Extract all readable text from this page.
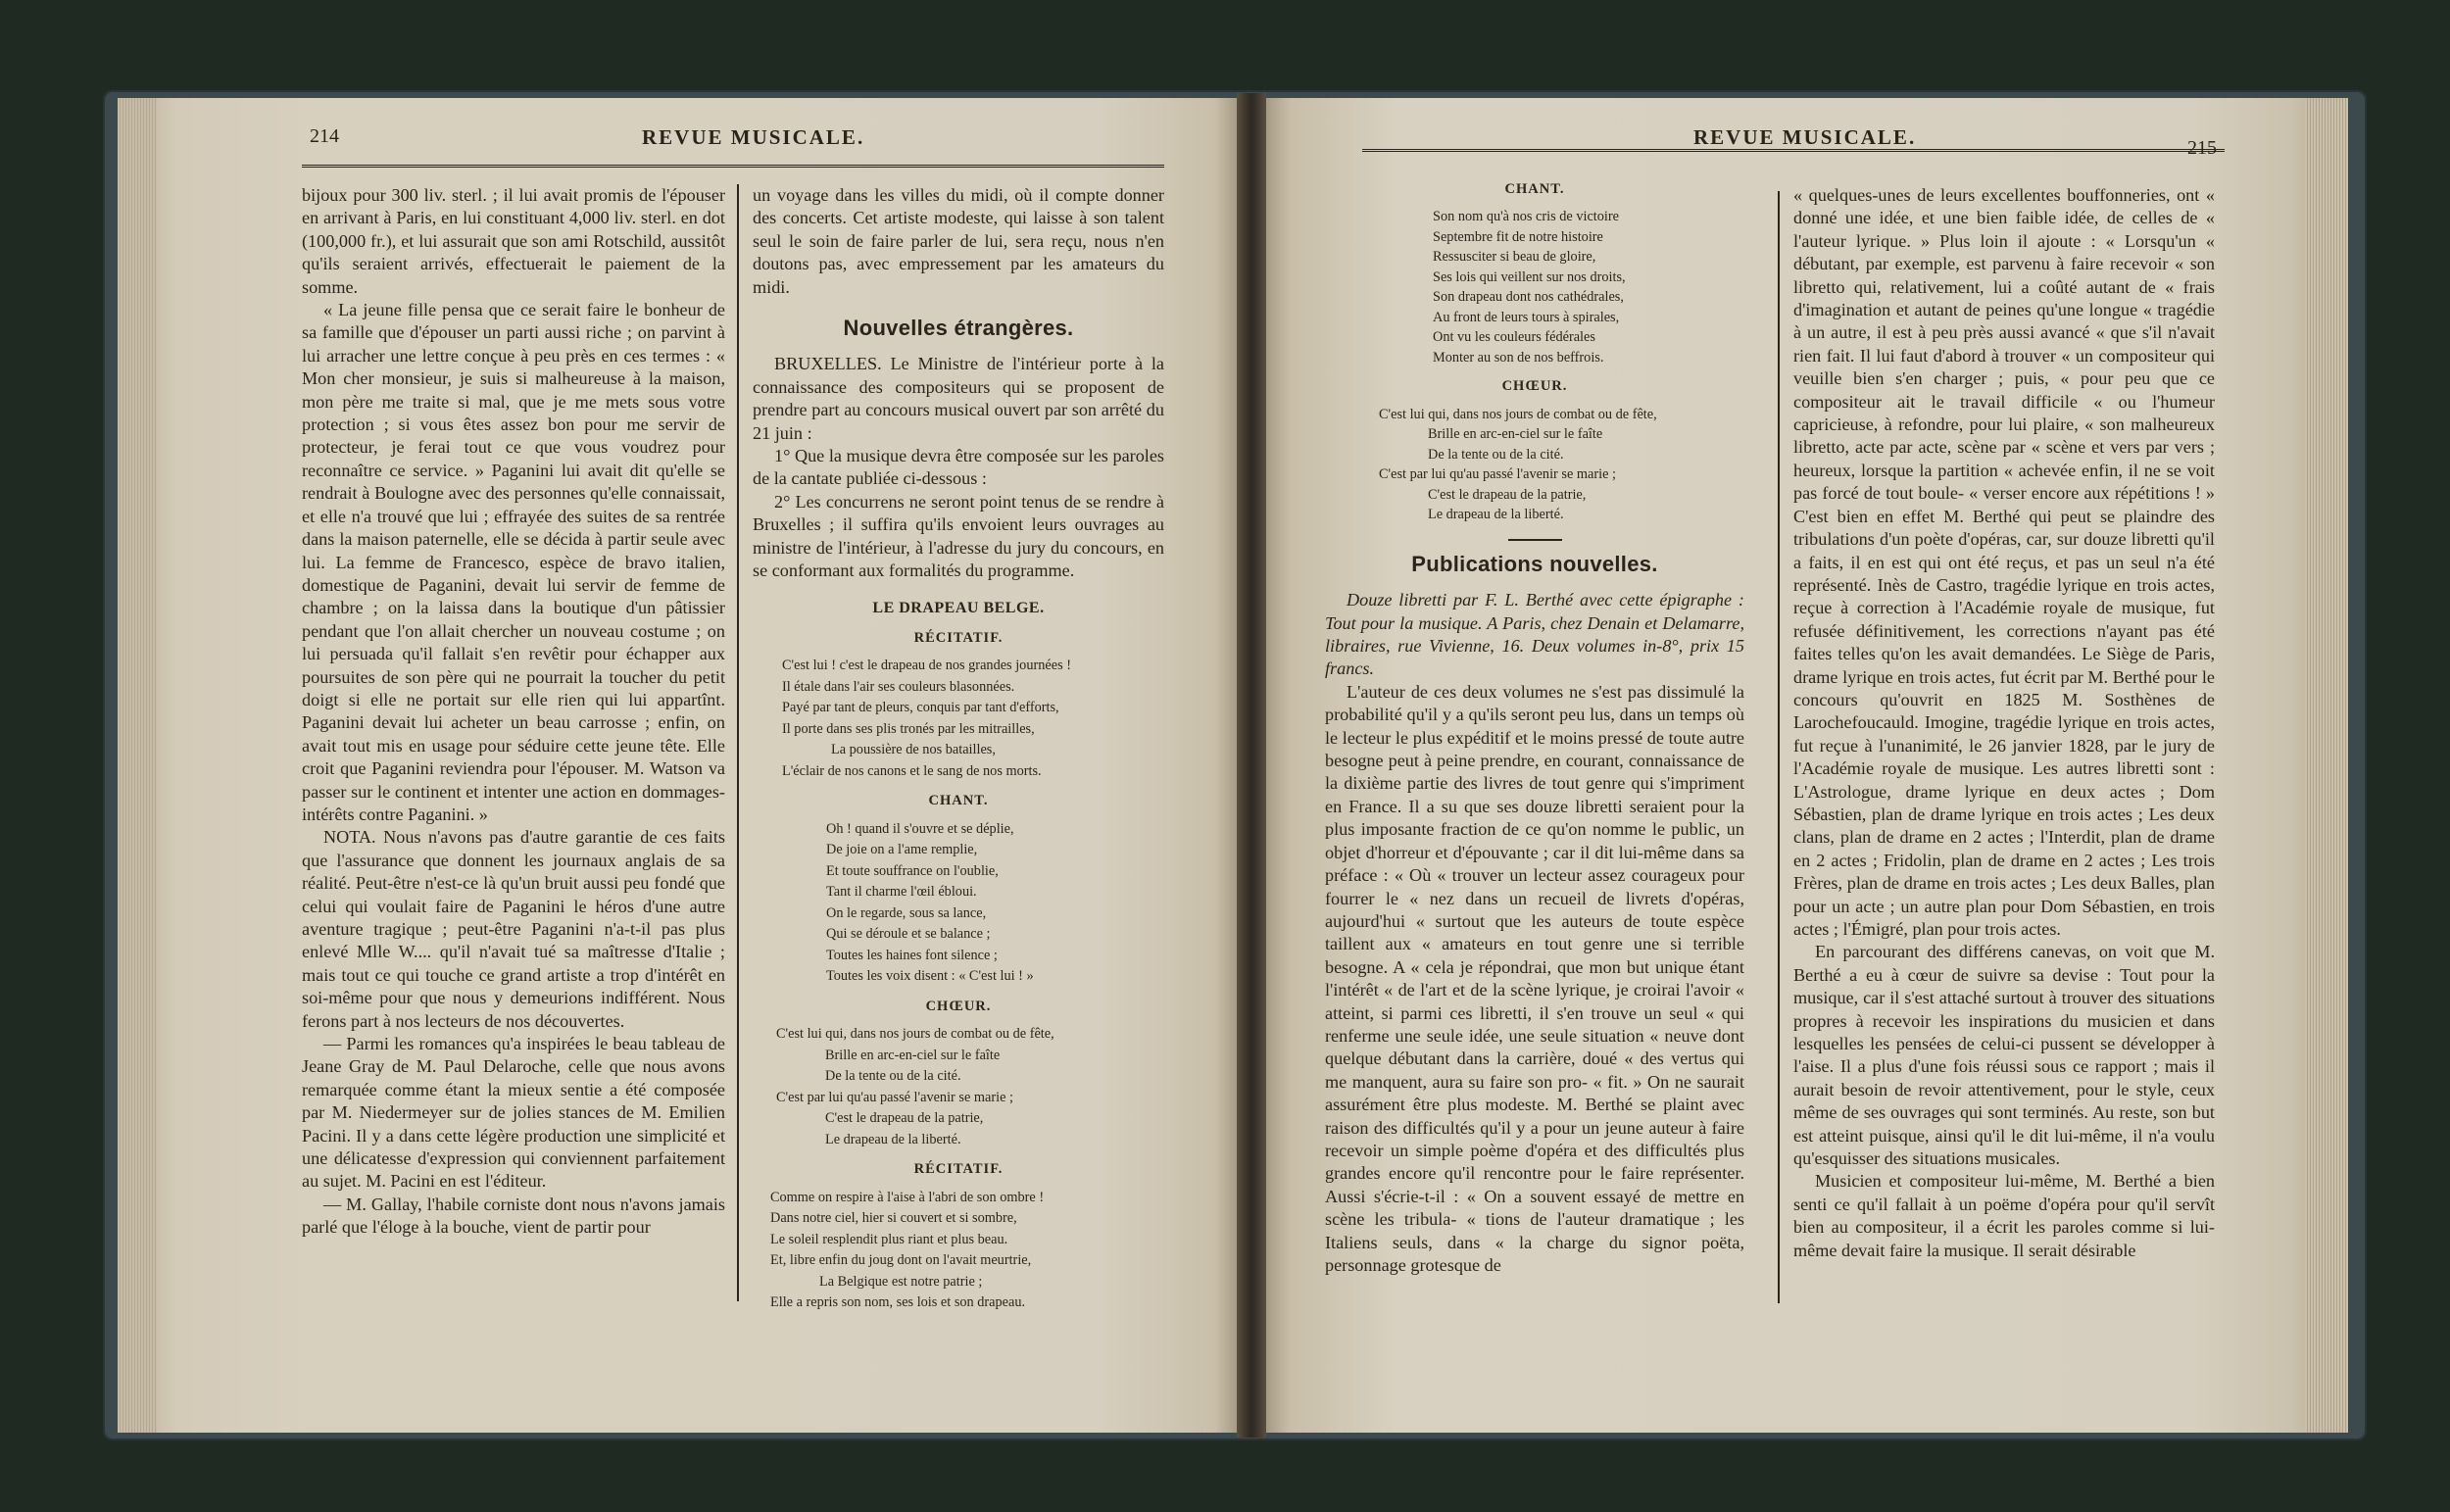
214	REVUE MUSICALE.

bijoux pour 300 liv. sterl. ; il lui avait promis de l'épouser en arrivant à Paris, en lui constituant 4,000 liv. sterl. en dot (100,000 fr.), et lui assurait que son ami Rotschild, aussitôt qu'ils seraient arrivés, effectuerait le paiement de la somme.

« La jeune fille pensa que ce serait faire le bonheur de sa famille que d'épouser un parti aussi riche ; on parvint à lui arracher une lettre conçue à peu près en ces termes : « Mon cher monsieur, je suis si malheureuse à la maison, mon père me traite si mal, que je me mets sous votre protection ; si vous êtes assez bon pour me servir de protecteur, je ferai tout ce que vous voudrez pour reconnaître ce service. » Paganini lui avait dit qu'elle se rendrait à Boulogne avec des personnes qu'elle connaissait, et elle n'a trouvé que lui ; effrayée des suites de sa rentrée dans la maison paternelle, elle se décida à partir seule avec lui. La femme de Francesco, espèce de bravo italien, domestique de Paganini, devait lui servir de femme de chambre ; on la laissa dans la boutique d'un pâtissier pendant que l'on allait chercher un nouveau costume ; on lui persuada qu'il fallait s'en revêtir pour échapper aux poursuites de son père qui ne pourrait la toucher du petit doigt si elle ne portait sur elle rien qui lui appartînt. Paganini devait lui acheter un beau carrosse ; enfin, on avait tout mis en usage pour séduire cette jeune tête. Elle croit que Paganini reviendra pour l'épouser. M. Watson va passer sur le continent et intenter une action en dommages-intérêts contre Paganini. »

NOTA. Nous n'avons pas d'autre garantie de ces faits que l'assurance que donnent les journaux anglais de sa réalité. Peut-être n'est-ce là qu'un bruit aussi peu fondé que celui qui voulait faire de Paganini le héros d'une autre aventure tragique ; peut-être Paganini n'a-t-il pas plus enlevé Mlle W.... qu'il n'avait tué sa maîtresse d'Italie ; mais tout ce qui touche ce grand artiste a trop d'intérêt en soi-même pour que nous y demeurions indifférent. Nous ferons part à nos lecteurs de nos découvertes.

— Parmi les romances qu'a inspirées le beau tableau de Jeane Gray de M. Paul Delaroche, celle que nous avons remarquée comme étant la mieux sentie a été composée par M. Niedermeyer sur de jolies stances de M. Emilien Pacini. Il y a dans cette légère production une simplicité et une délicatesse d'expression qui conviennent parfaitement au sujet. M. Pacini en est l'éditeur.

— M. Gallay, l'habile corniste dont nous n'avons jamais parlé que l'éloge à la bouche, vient de partir pour

un voyage dans les villes du midi, où il compte donner des concerts. Cet artiste modeste, qui laisse à son talent seul le soin de faire parler de lui, sera reçu, nous n'en doutons pas, avec empressement par les amateurs du midi.

Nouvelles étrangères.

BRUXELLES. Le Ministre de l'intérieur porte à la connaissance des compositeurs qui se proposent de prendre part au concours musical ouvert par son arrêté du 21 juin :

1° Que la musique devra être composée sur les paroles de la cantate publiée ci-dessous :

2° Les concurrens ne seront point tenus de se rendre à Bruxelles ; il suffira qu'ils envoient leurs ouvrages au ministre de l'intérieur, à l'adresse du jury du concours, en se conformant aux formalités du programme.

LE DRAPEAU BELGE.
RÉCITATIF.
C'est lui ! c'est le drapeau de nos grandes journées !
Il étale dans l'air ses couleurs blasonnées.
Payé par tant de pleurs, conquis par tant d'efforts,
Il porte dans ses plis tronés par les mitrailles,
La poussière de nos batailles,
L'éclair de nos canons et le sang de nos morts.
CHANT.
Oh ! quand il s'ouvre et se déplie,
De joie on a l'ame remplie,
Et toute souffrance on l'oublie,
Tant il charme l'œil ébloui.
On le regarde, sous sa lance,
Qui se déroule et se balance ;
Toutes les haines font silence ;
Toutes les voix disent : « C'est lui ! »
CHŒUR.
C'est lui qui, dans nos jours de combat ou de fête,
Brille en arc-en-ciel sur le faîte
De la tente ou de la cité.
C'est par lui qu'au passé l'avenir se marie ;
C'est le drapeau de la patrie,
Le drapeau de la liberté.
RÉCITATIF.
Comme on respire à l'aise à l'abri de son ombre !
Dans notre ciel, hier si couvert et si sombre,
Le soleil resplendit plus riant et plus beau.
Et, libre enfin du joug dont on l'avait meurtrie,
La Belgique est notre patrie ;
Elle a repris son nom, ses lois et son drapeau.
REVUE MUSICALE.	215
CHANT.
Son nom qu'à nos cris de victoire
Septembre fit de notre histoire
Ressusciter si beau de gloire,
Ses lois qui veillent sur nos droits,
Son drapeau dont nos cathédrales,
Au front de leurs tours à spirales,
Ont vu les couleurs fédérales
Monter au son de nos beffrois.
CHŒUR.
C'est lui qui, dans nos jours de combat ou de fête,
Brille en arc-en-ciel sur le faîte
De la tente ou de la cité.
C'est par lui qu'au passé l'avenir se marie ;
C'est le drapeau de la patrie,
Le drapeau de la liberté.
Publications nouvelles.

Douze libretti par F. L. Berthé avec cette épigraphe : Tout pour la musique. A Paris, chez Denain et Delamarre, libraires, rue Vivienne, 16. Deux volumes in-8°, prix 15 francs.

L'auteur de ces deux volumes ne s'est pas dissimulé la probabilité qu'il y a qu'ils seront peu lus, dans un temps où le lecteur le plus expéditif et le moins pressé de toute autre besogne peut à peine prendre, en courant, connaissance de la dixième partie des livres de tout genre qui s'impriment en France. Il a su que ses douze libretti seraient pour la plus imposante fraction de ce qu'on nomme le public, un objet d'horreur et d'épouvante ; car il dit lui-même dans sa préface : « Où « trouver un lecteur assez courageux pour fourrer le « nez dans un recueil de livrets d'opéras, aujourd'hui « surtout que les auteurs de toute espèce taillent aux « amateurs en tout genre une si terrible besogne. A « cela je répondrai, que mon but unique étant l'intérêt « de l'art et de la scène lyrique, je croirai l'avoir « atteint, si parmi ces libretti, il s'en trouve un seul « qui renferme une seule idée, une seule situation « neuve dont quelque débutant dans la carrière, doué « des vertus qui me manquent, aura su faire son pro- « fit. » On ne saurait assurément être plus modeste. M. Berthé se plaint avec raison des difficultés qu'il y a pour un jeune auteur à faire recevoir un simple poème d'opéra et des difficultés plus grandes encore qu'il rencontre pour le faire représenter. Aussi s'écrie-t-il : « On a souvent essayé de mettre en scène les tribula- « tions de l'auteur dramatique ; les Italiens seuls, dans « la charge du signor poëta, personnage grotesque de

« quelques-unes de leurs excellentes bouffonneries, ont « donné une idée, et une bien faible idée, de celles de « l'auteur lyrique. » Plus loin il ajoute : « Lorsqu'un « débutant, par exemple, est parvenu à faire recevoir « son libretto qui, relativement, lui a coûté autant de « frais d'imagination et autant de peines qu'une longue « tragédie à un autre, il est à peu près aussi avancé « que s'il n'avait rien fait. Il lui faut d'abord à trouver « un compositeur qui veuille bien s'en charger ; puis, « pour peu que ce compositeur ait le travail difficile « ou l'humeur capricieuse, à refondre, pour lui plaire, « son malheureux libretto, acte par acte, scène par « scène et vers par vers ; heureux, lorsque la partition « achevée enfin, il ne se voit pas forcé de tout boule- « verser encore aux répétitions ! » C'est bien en effet M. Berthé qui peut se plaindre des tribulations d'un poète d'opéras, car, sur douze libretti qu'il a faits, il en est qui ont été reçus, et pas un seul n'a été représenté. Inès de Castro, tragédie lyrique en trois actes, reçue à correction à l'Académie royale de musique, fut refusée définitivement, les corrections n'ayant pas été faites telles qu'on les avait demandées. Le Siège de Paris, drame lyrique en trois actes, fut écrit par M. Berthé pour le concours qu'ouvrit en 1825 M. Sosthènes de Larochefoucauld. Imogine, tragédie lyrique en trois actes, fut reçue à l'unanimité, le 26 janvier 1828, par le jury de l'Académie royale de musique. Les autres libretti sont : L'Astrologue, drame lyrique en deux actes ; Dom Sébastien, plan de drame lyrique en trois actes ; Les deux clans, plan de drame en 2 actes ; l'Interdit, plan de drame en 2 actes ; Fridolin, plan de drame en 2 actes ; Les trois Frères, plan de drame en trois actes ; Les deux Balles, plan pour un acte ; un autre plan pour Dom Sébastien, en trois actes ; l'Émigré, plan pour trois actes.

En parcourant des différens canevas, on voit que M. Berthé a eu à cœur de suivre sa devise : Tout pour la musique, car il s'est attaché surtout à trouver des situations propres à recevoir les inspirations du musicien et dans lesquelles les pensées de celui-ci pussent se développer à l'aise. Il a plus d'une fois réussi sous ce rapport ; mais il aurait besoin de revoir attentivement, pour le style, ceux même de ses ouvrages qui sont terminés. Au reste, son but est atteint puisque, ainsi qu'il le dit lui-même, il n'a voulu qu'esquisser des situations musicales.

Musicien et compositeur lui-même, M. Berthé a bien senti ce qu'il fallait à un poëme d'opéra pour qu'il servît bien au compositeur, il a écrit les paroles comme si lui-même devait faire la musique. Il serait désirable
